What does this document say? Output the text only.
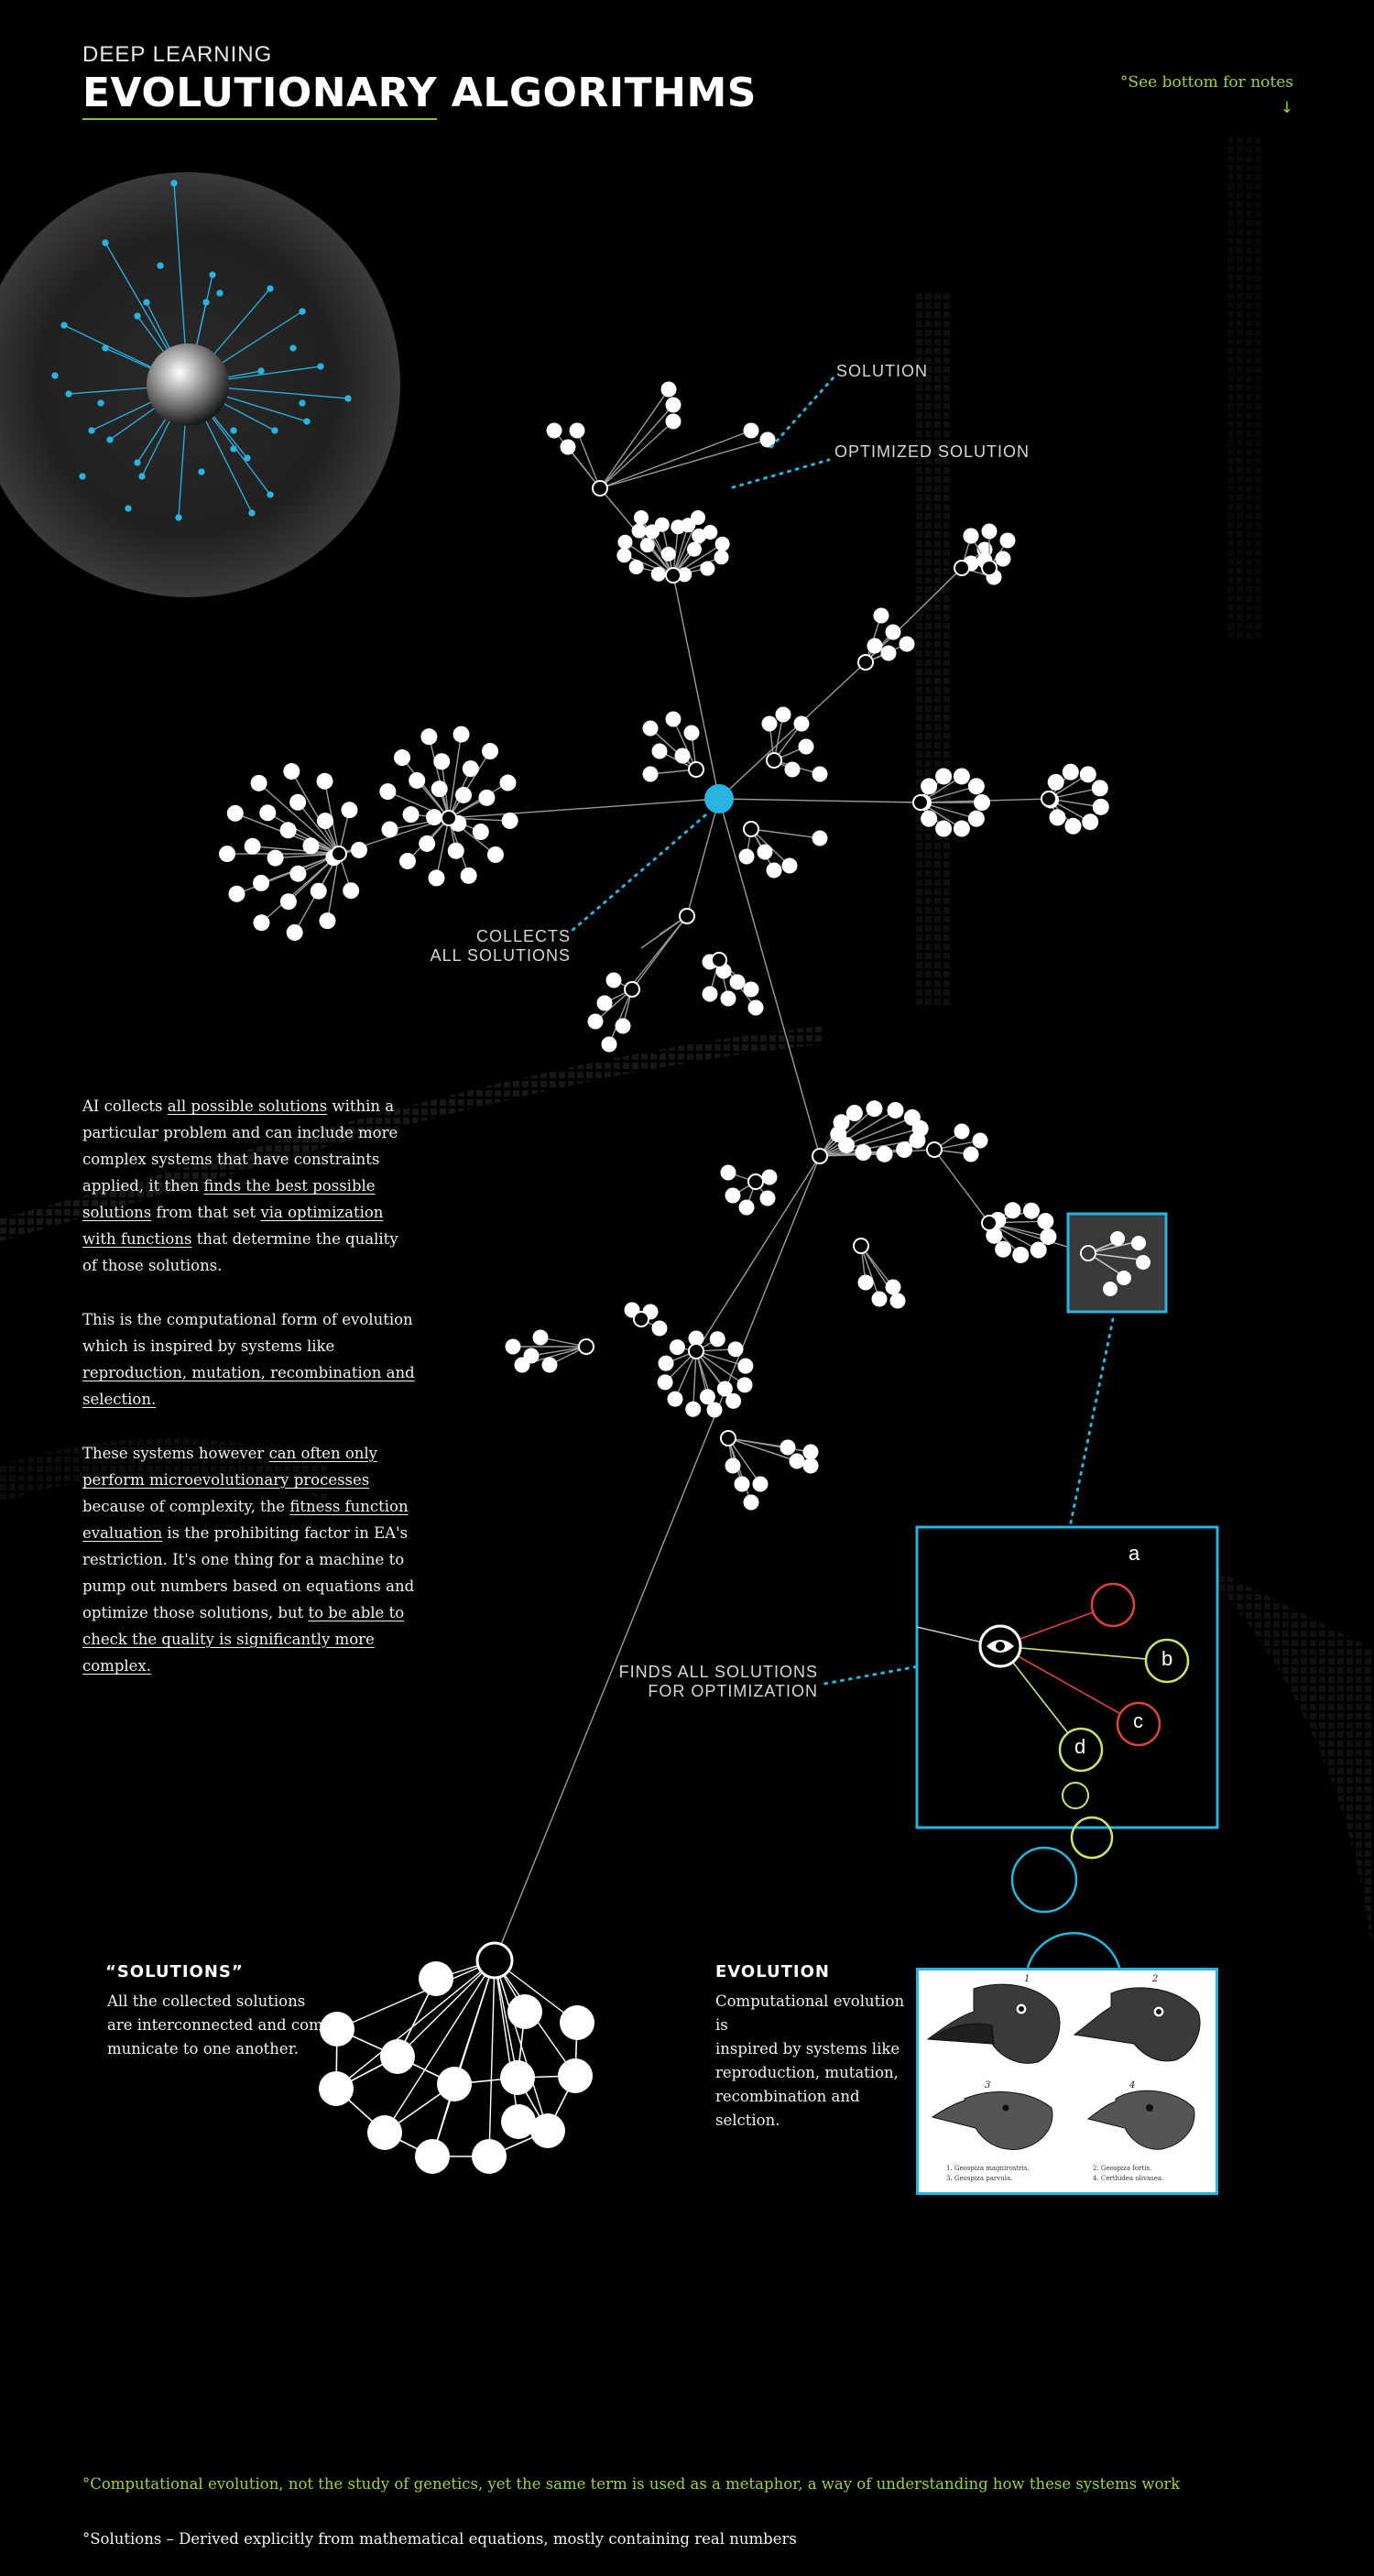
DEEP LEARNING
EVOLUTIONARY ALGORITHMS	°See bottom for notes
↓
SOLUTION
OPTIMIZED SOLUTION
COLLECTS
ALL SOLUTIONS
FINDS ALL SOLUTIONS
FOR OPTIMIZATION
a
b
c
d

AI collects all possible solutions within a particular problem and can include more complex systems that have constraints applied, it then finds the best possible solutions from that set via optimization with functions that determine the quality of those solutions.

This is the computational form of evolution which is inspired by systems like reproduction, mutation, recombination and selection.

These systems however can often only perform microevolutionary processes because of complexity, the fitness function evaluation is the prohibiting factor in EA's restriction. It's one thing for a machine to pump out numbers based on equations and optimize those solutions, but to be able to check the quality is significantly more complex.

“SOLUTIONS”
All the collected solutions
are interconnected and com-
municate to one another.
EVOLUTION
Computational evolution is
inspired by systems like
reproduction, mutation,
recombination and selction.
1	2
3	4
1. Geospiza magnirostris.	2. Geospiza fortis.
3. Geospiza parvula.	4. Certhidea olivasea.
°Computational evolution, not the study of genetics, yet the same term is used as a metaphor, a way of understanding how these systems work
°Solutions – Derived explicitly from mathematical equations, mostly containing real numbers
